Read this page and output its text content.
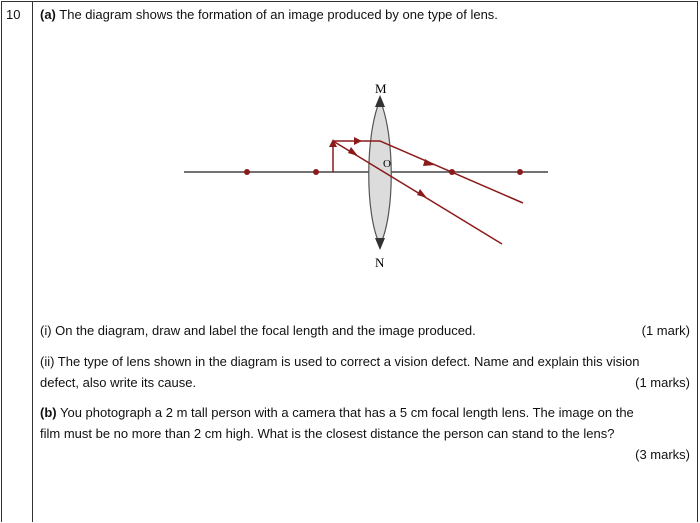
10 (a) The diagram shows the formation of an image produced by one type of lens.
M
N
O
(i) On the diagram, draw and label the focal length and the image produced.	(1 mark)
(ii) The type of lens shown in the diagram is used to correct a vision defect. Name and explain this vision
defect, also write its cause.	(1 marks)
(b) You photograph a 2 m tall person with a camera that has a 5 cm focal length lens. The image on the
film must be no more than 2 cm high. What is the closest distance the person can stand to the lens?
(3 marks)
